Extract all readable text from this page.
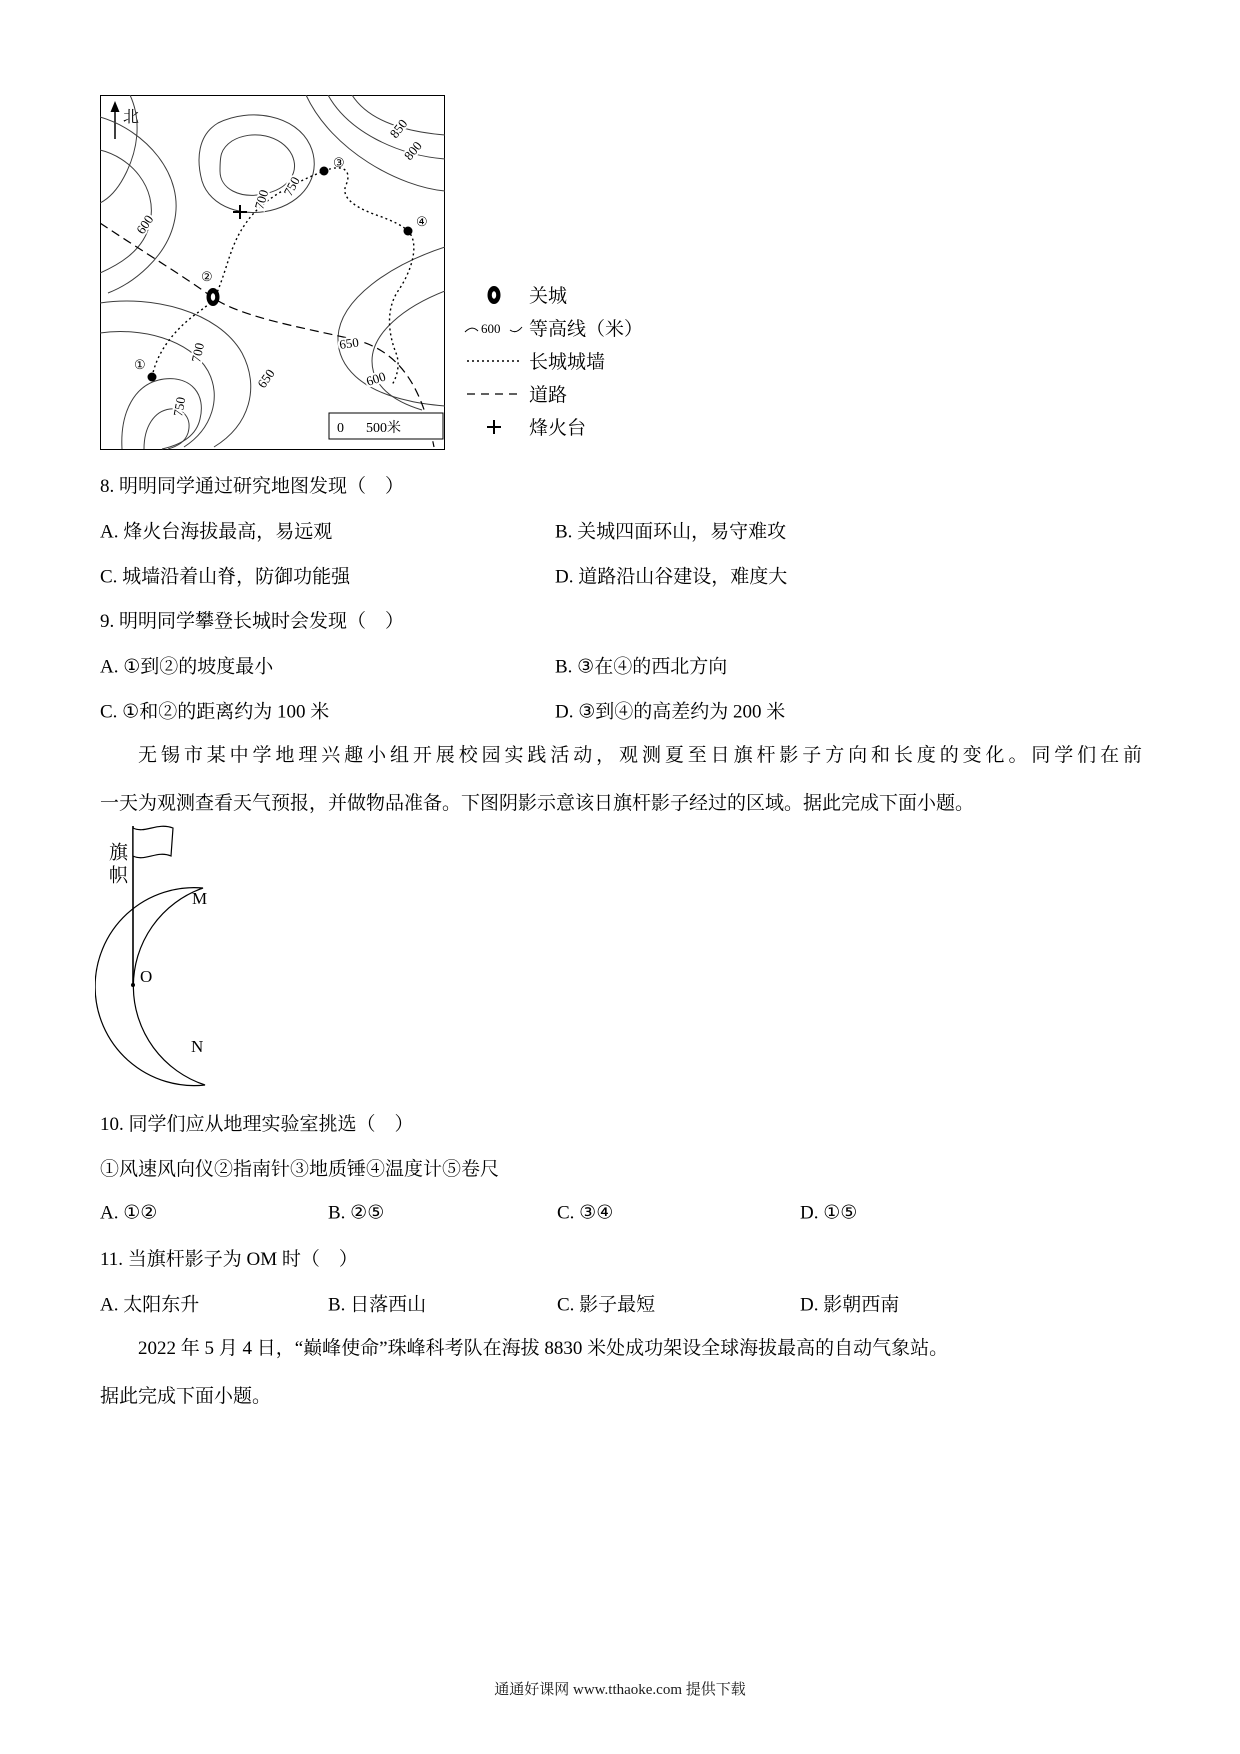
北
③
④
①
②
850
800
750
700
600
650
600
700
750
650
0 500米
关城
600 等高线（米）
长城城墙
道路
烽火台
8. 明明同学通过研究地图发现（　）
A. 烽火台海拔最高，易远观	B. 关城四面环山，易守难攻
C. 城墙沿着山脊，防御功能强	D. 道路沿山谷建设，难度大
9. 明明同学攀登长城时会发现（　）
A. ①到②的坡度最小	B. ③在④的西北方向
C. ①和②的距离约为 100 米	D. ③到④的高差约为 200 米
无锡市某中学地理兴趣小组开展校园实践活动，观测夏至日旗杆影子方向和长度的变化。同学们在前
一天为观测查看天气预报，并做物品准备。下图阴影示意该日旗杆影子经过的区域。据此完成下面小题。
旗帜
M
O
N
10. 同学们应从地理实验室挑选（　）
①风速风向仪②指南针③地质锤④温度计⑤卷尺
A. ①②	B. ②⑤	C. ③④	D. ①⑤
11. 当旗杆影子为 OM 时（　）
A. 太阳东升	B. 日落西山	C. 影子最短	D. 影朝西南
2022 年 5 月 4 日，“巅峰使命”珠峰科考队在海拔 8830 米处成功架设全球海拔最高的自动气象站。
据此完成下面小题。
通通好课网 www.tthaoke.com 提供下载
